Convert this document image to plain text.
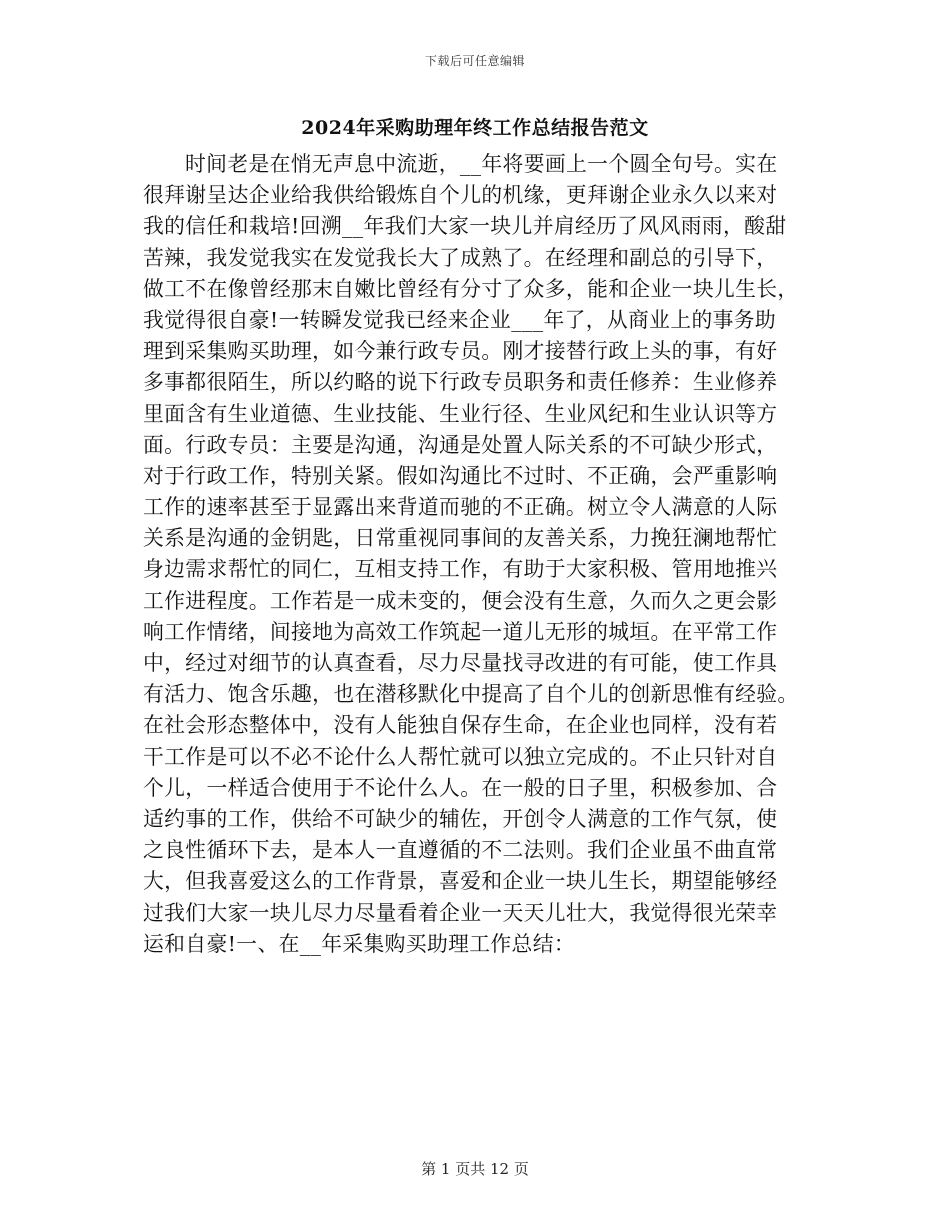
下载后可任意编辑
2024年采购助理年终工作总结报告范文
时间老是在悄无声息中流逝，__年将要画上一个圆全句号。实在
很拜谢呈达企业给我供给锻炼自个儿的机缘，更拜谢企业永久以来对
我的信任和栽培!回溯__年我们大家一块儿并肩经历了风风雨雨，酸甜
苦辣，我发觉我实在发觉我长大了成熟了。在经理和副总的引导下，
做工不在像曾经那末自嫩比曾经有分寸了众多，能和企业一块儿生长，
我觉得很自豪!一转瞬发觉我已经来企业___年了，从商业上的事务助
理到采集购买助理，如今兼行政专员。刚才接替行政上头的事，有好
多事都很陌生，所以约略的说下行政专员职务和责任修养：生业修养
里面含有生业道德、生业技能、生业行径、生业风纪和生业认识等方
面。行政专员：主要是沟通，沟通是处置人际关系的不可缺少形式，
对于行政工作，特别关紧。假如沟通比不过时、不正确，会严重影响
工作的速率甚至于显露出来背道而驰的不正确。树立令人满意的人际
关系是沟通的金钥匙，日常重视同事间的友善关系，力挽狂澜地帮忙
身边需求帮忙的同仁，互相支持工作，有助于大家积极、管用地推兴
工作进程度。工作若是一成未变的，便会没有生意，久而久之更会影
响工作情绪，间接地为高效工作筑起一道儿无形的城垣。在平常工作
中，经过对细节的认真查看，尽力尽量找寻改进的有可能，使工作具
有活力、饱含乐趣，也在潜移默化中提高了自个儿的创新思惟有经验。
在社会形态整体中，没有人能独自保存生命，在企业也同样，没有若
干工作是可以不必不论什么人帮忙就可以独立完成的。不止只针对自
个儿，一样适合使用于不论什么人。在一般的日子里，积极参加、合
适约事的工作，供给不可缺少的辅佐，开创令人满意的工作气氛，使
之良性循环下去，是本人一直遵循的不二法则。我们企业虽不曲直常
大，但我喜爱这么的工作背景，喜爱和企业一块儿生长，期望能够经
过我们大家一块儿尽力尽量看着企业一天天儿壮大，我觉得很光荣幸
运和自豪!一、在__年采集购买助理工作总结：
第 1 页共 12 页
